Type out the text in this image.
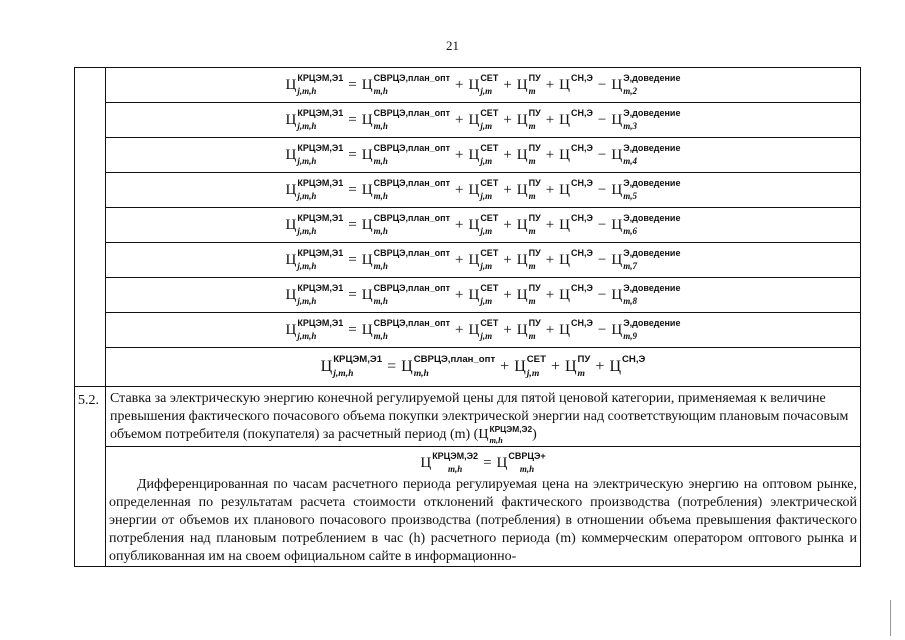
21
Ц КРЦЭМ,Э1
j,m,h	= Ц СВРЦЭ,план_опт
m,h	+ Ц СЕТ
j,m + Ц ПУ
m + Ц СН,Э
− Ц Э,доведение
m,2
Ц КРЦЭМ,Э1
j,m,h	= Ц СВРЦЭ,план_опт
m,h	+ Ц СЕТ
j,m + Ц ПУ
m + Ц СН,Э
− Ц Э,доведение
m,3
Ц КРЦЭМ,Э1
j,m,h	= Ц СВРЦЭ,план_опт
m,h	+ Ц СЕТ
j,m + Ц ПУ
m + Ц СН,Э
− Ц Э,доведение
m,4
Ц КРЦЭМ,Э1
j,m,h	= Ц СВРЦЭ,план_опт
m,h	+ Ц СЕТ
j,m + Ц ПУ
m + Ц СН,Э
− Ц Э,доведение
m,5
Ц КРЦЭМ,Э1
j,m,h	= Ц СВРЦЭ,план_опт
m,h	+ Ц СЕТ
j,m + Ц ПУ
m + Ц СН,Э
− Ц Э,доведение
m,6
Ц КРЦЭМ,Э1
j,m,h	= Ц СВРЦЭ,план_опт
m,h	+ Ц СЕТ
j,m + Ц ПУ
m + Ц СН,Э
− Ц Э,доведение
m,7
Ц КРЦЭМ,Э1
j,m,h	= Ц СВРЦЭ,план_опт
m,h	+ Ц СЕТ
j,m + Ц ПУ
m + Ц СН,Э
− Ц Э,доведение
m,8
Ц КРЦЭМ,Э1
j,m,h	= Ц СВРЦЭ,план_опт
m,h	+ Ц СЕТ
j,m + Ц ПУ
m + Ц СН,Э
− Ц Э,доведение
m,9
Ц КРЦЭМ,Э1
j,m,h	= Ц СВРЦЭ,план_опт
m,h	+ Ц СЕТ
j,m + Ц ПУ
m + Ц СН,Э

5.2. Ставка за электрическую энергию конечной регулируемой цены для пятой ценовой категории, применяемая к величине превышения фактического почасового объема покупки электрической энергии над соответствующим плановым почасовым объемом потребителя (покупателя) за расчетный период (m) ( Ц КРЦЭМ,Э2
m,h	)
Ц КРЦЭМ,Э2
m,h	= Ц СВРЦЭ+
m,h
Дифференцированная по часам расчетного периода регулируемая цена на электрическую энергию на оптовом рынке, определенная по результатам расчета стоимости отклонений фактического производства (потребления) электрической энергии от объемов их планового почасового производства (потребления) в отношении объема превышения фактического потребления над плановым потреблением в час (h) расчетного периода (m) коммерческим оператором оптового рынка и опубликованная им на своем официальном сайте в информационно-
